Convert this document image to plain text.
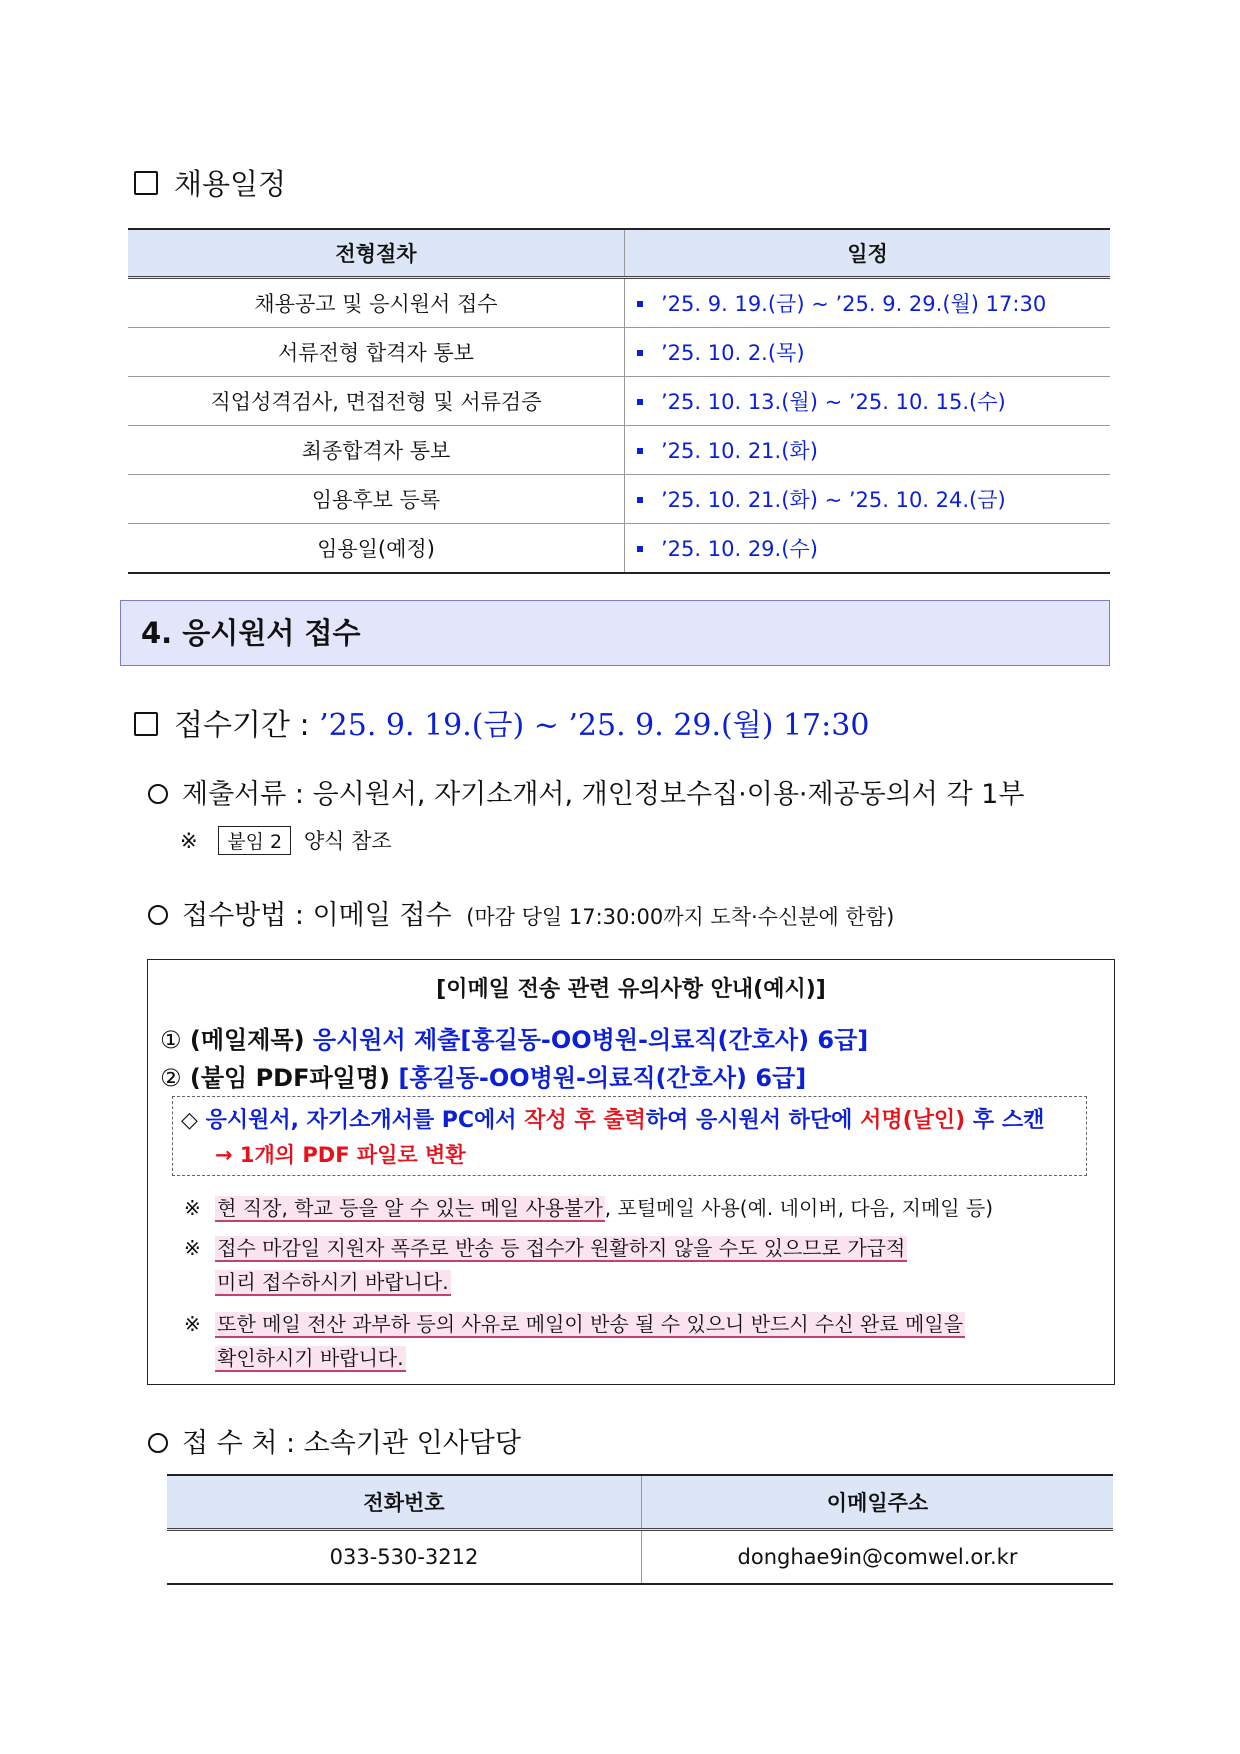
채용일정
전형절차	일정
채용공고 및 응시원서 접수	’25. 9. 19.(금) ~ ’25. 9. 29.(월) 17:30
서류전형 합격자 통보	’25. 10. 2.(목)
직업성격검사, 면접전형 및 서류검증	’25. 10. 13.(월) ~ ’25. 10. 15.(수)
최종합격자 통보	’25. 10. 21.(화)
임용후보 등록	’25. 10. 21.(화) ~ ’25. 10. 24.(금)
임용일(예정)	’25. 10. 29.(수)
4. 응시원서 접수
접수기간 : ’25. 9. 19.(금) ~ ’25. 9. 29.(월) 17:30
제출서류 : 응시원서, 자기소개서, 개인정보수집·이용·제공동의서 각 1부
※ 붙임 2 양식 참조
접수방법 : 이메일 접수 (마감 당일 17:30:00까지 도착·수신분에 한함)
[이메일 전송 관련 유의사항 안내(예시)]
① (메일제목) 응시원서 제출[홍길동-OO병원-의료직(간호사) 6급]
② (붙임 PDF파일명) [홍길동-OO병원-의료직(간호사) 6급]
◇ 응시원서, 자기소개서를 PC에서 작성 후 출력하여 응시원서 하단에 서명(날인) 후 스캔
→ 1개의 PDF 파일로 변환
※ 현 직장, 학교 등을 알 수 있는 메일 사용불가 , 포털메일 사용(예. 네이버, 다음, 지메일 등)
※ 접수 마감일 지원자 폭주로 반송 등 접수가 원활하지 않을 수도 있으므로 가급적
미리 접수하시기 바랍니다.
※ 또한 메일 전산 과부하 등의 사유로 메일이 반송 될 수 있으니 반드시 수신 완료 메일을
확인하시기 바랍니다.
접 수 처 : 소속기관 인사담당
전화번호	이메일주소
033-530-3212	donghae9in@comwel.or.kr
